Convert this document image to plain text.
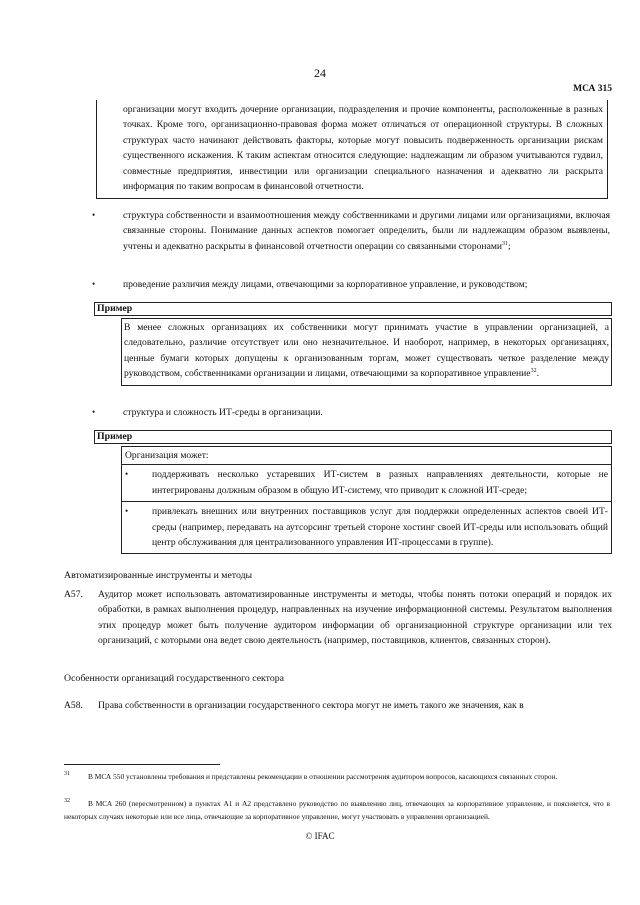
24
МСА 315
организации могут входить дочерние организации, подразделения и прочие компоненты, расположенные в разных точках. Кроме того, организационно-правовая форма может отличаться от операционной структуры. В сложных структурах часто начинают действовать факторы, которые могут повысить подверженность организации рискам существенного искажения. К таким аспектам относится следующие: надлежащим ли образом учитываются гудвил, совместные предприятия, инвестиции или организации специального назначения и адекватно ли раскрыта информация по таким вопросам в финансовой отчетности.
•	структура собственности и взаимоотношения между собственниками и другими лицами или организациями, включая связанные стороны. Понимание данных аспектов помогает определить, были ли надлежащим образом выявлены, учтены и адекватно раскрыты в финансовой отчетности операции со связанными сторонами$^{31}$;
•	проведение различия между лицами, отвечающими за корпоративное управление, и руководством;
Пример
В менее сложных организациях их собственники могут принимать участие в управлении организацией, а следовательно, различие отсутствует или оно незначительное. И наоборот, например, в некоторых организациях, ценные бумаги которых допущены к организованным торгам, может существовать четкое разделение между руководством, собственниками организации и лицами, отвечающими за корпоративное управление$^{32}$.
•	структура и сложность ИТ-среды в организации.
Пример
Организация может:
• поддерживать несколько устаревших ИТ-систем в разных направлениях деятельности, которые не интегрированы должным образом в общую ИТ-систему, что приводит к сложной ИТ-среде;
• привлекать внешних или внутренних поставщиков услуг для поддержки определенных аспектов своей ИТ-среды (например, передавать на аутсорсинг третьей стороне хостинг своей ИТ-среды или использовать общий центр обслуживания для централизованного управления ИТ-процессами в группе).
Автоматизированные инструменты и методы
A57. Аудитор может использовать автоматизированные инструменты и методы, чтобы понять потоки операций и порядок их обработки, в рамках выполнения процедур, направленных на изучение информационной системы. Результатом выполнения этих процедур может быть получение аудитором информации об организационной структуре организации или тех организаций, с которыми она ведет свою деятельность (например, поставщиков, клиентов, связанных сторон).
Особенности организаций государственного сектора
A58. Права собственности в организации государственного сектора могут не иметь такого же значения, как в
31	В МСА 550 установлены требования и представлены рекомендации в отношении рассмотрения аудитором вопросов, касающихся связанных сторон.
32	В МСА 260 (пересмотренном) в пунктах А1 и А2 представлено руководство по выявлению лиц, отвечающих за корпоративное управление, и поясняется, что в некоторых случаях некоторые или все лица, отвечающие за корпоративное управление, могут участвовать в управлении организацией.
© IFAC
